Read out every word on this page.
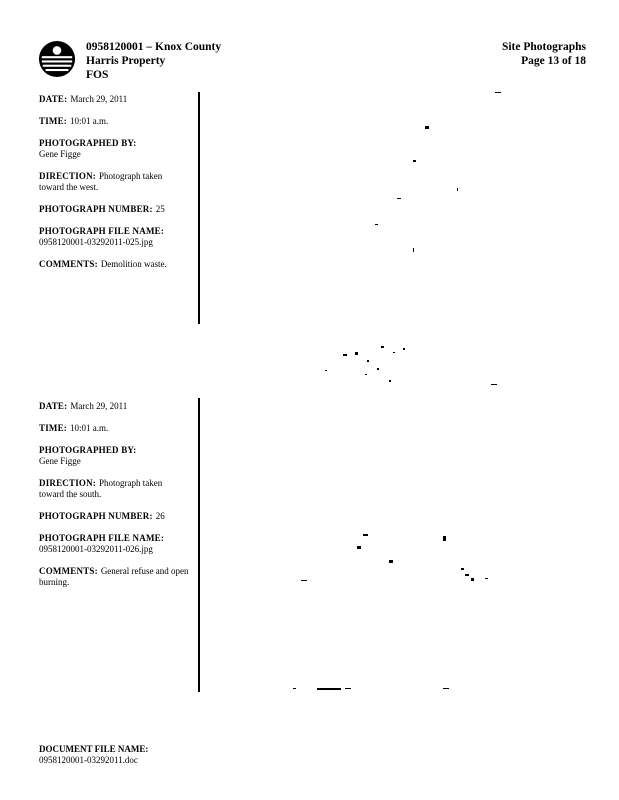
0958120001 – Knox County
Harris Property
FOS
Site Photographs
Page 13 of 18
DATE: March 29, 2011
TIME: 10:01 a.m.
PHOTOGRAPHED BY:
Gene Figge
DIRECTION: Photograph taken toward the west.
PHOTOGRAPH NUMBER: 25
PHOTOGRAPH FILE NAME:
0958120001-03292011-025.jpg
COMMENTS: Demolition waste.
DATE: March 29, 2011
TIME: 10:01 a.m.
PHOTOGRAPHED BY:
Gene Figge
DIRECTION: Photograph taken toward the south.
PHOTOGRAPH NUMBER: 26
PHOTOGRAPH FILE NAME:
0958120001-03292011-026.jpg
COMMENTS: General refuse and open burning.
DOCUMENT FILE NAME:
0958120001-03292011.doc
